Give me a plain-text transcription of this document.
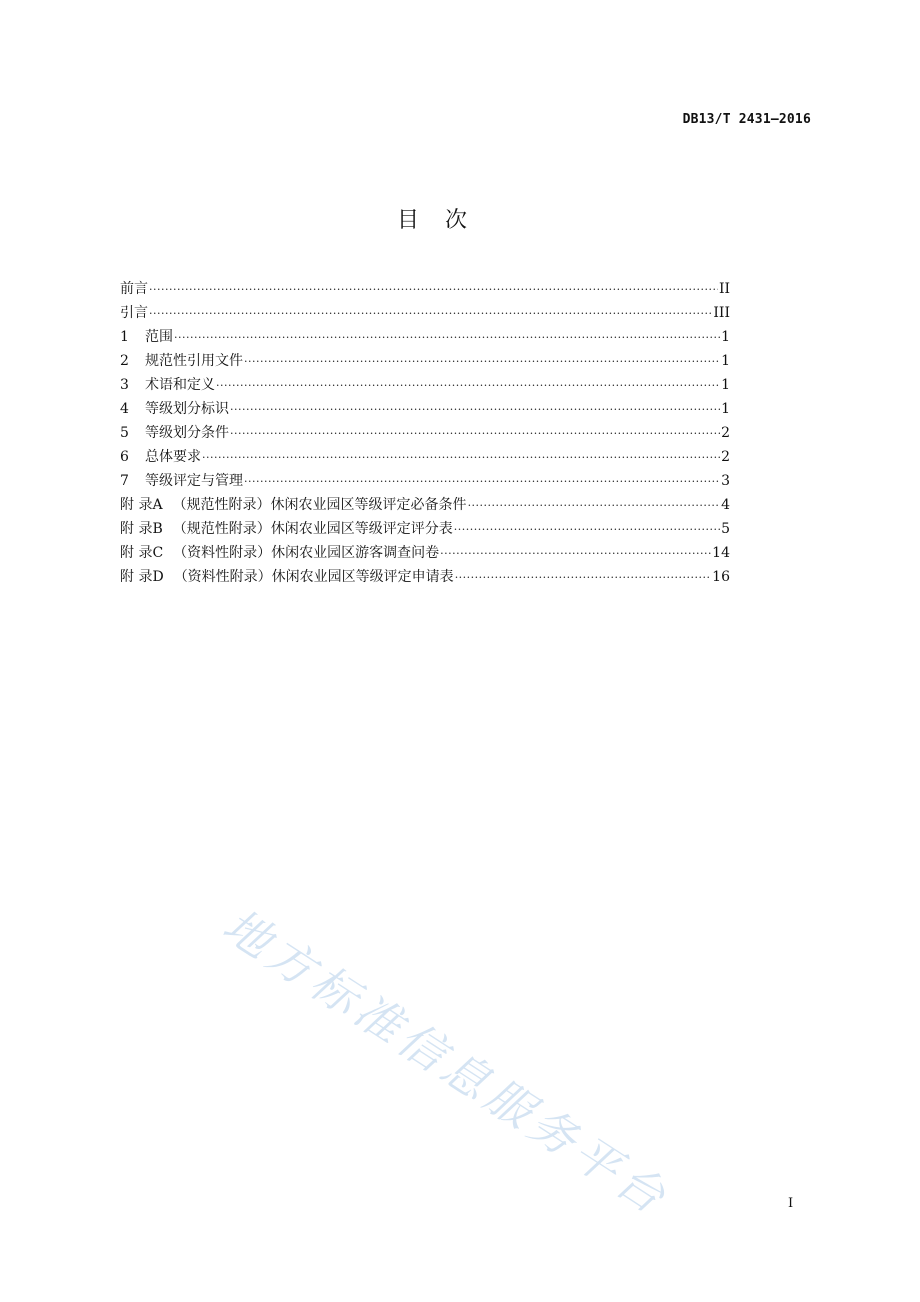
DB13/T 2431—2016
目次
前言 ·····	II
引言 ·····	III
1	范围 ·····	1
2	规范性引用文件 ·····	1
3	术语和定义 ·····	1
4	等级划分标识 ·····	1
5	等级划分条件 ·····	2
6	总体要求 ·····	2
7	等级评定与管理 ·····	3
附 录A （规范性附录）休闲农业园区等级评定必备条件 ·····	4
附 录B （规范性附录）休闲农业园区等级评定评分表 ·····	5
附 录C （资料性附录）休闲农业园区游客调查问卷 ·····	14
附 录D （资料性附录）休闲农业园区等级评定申请表 ·····	16
地方标准信息服务平台	I
